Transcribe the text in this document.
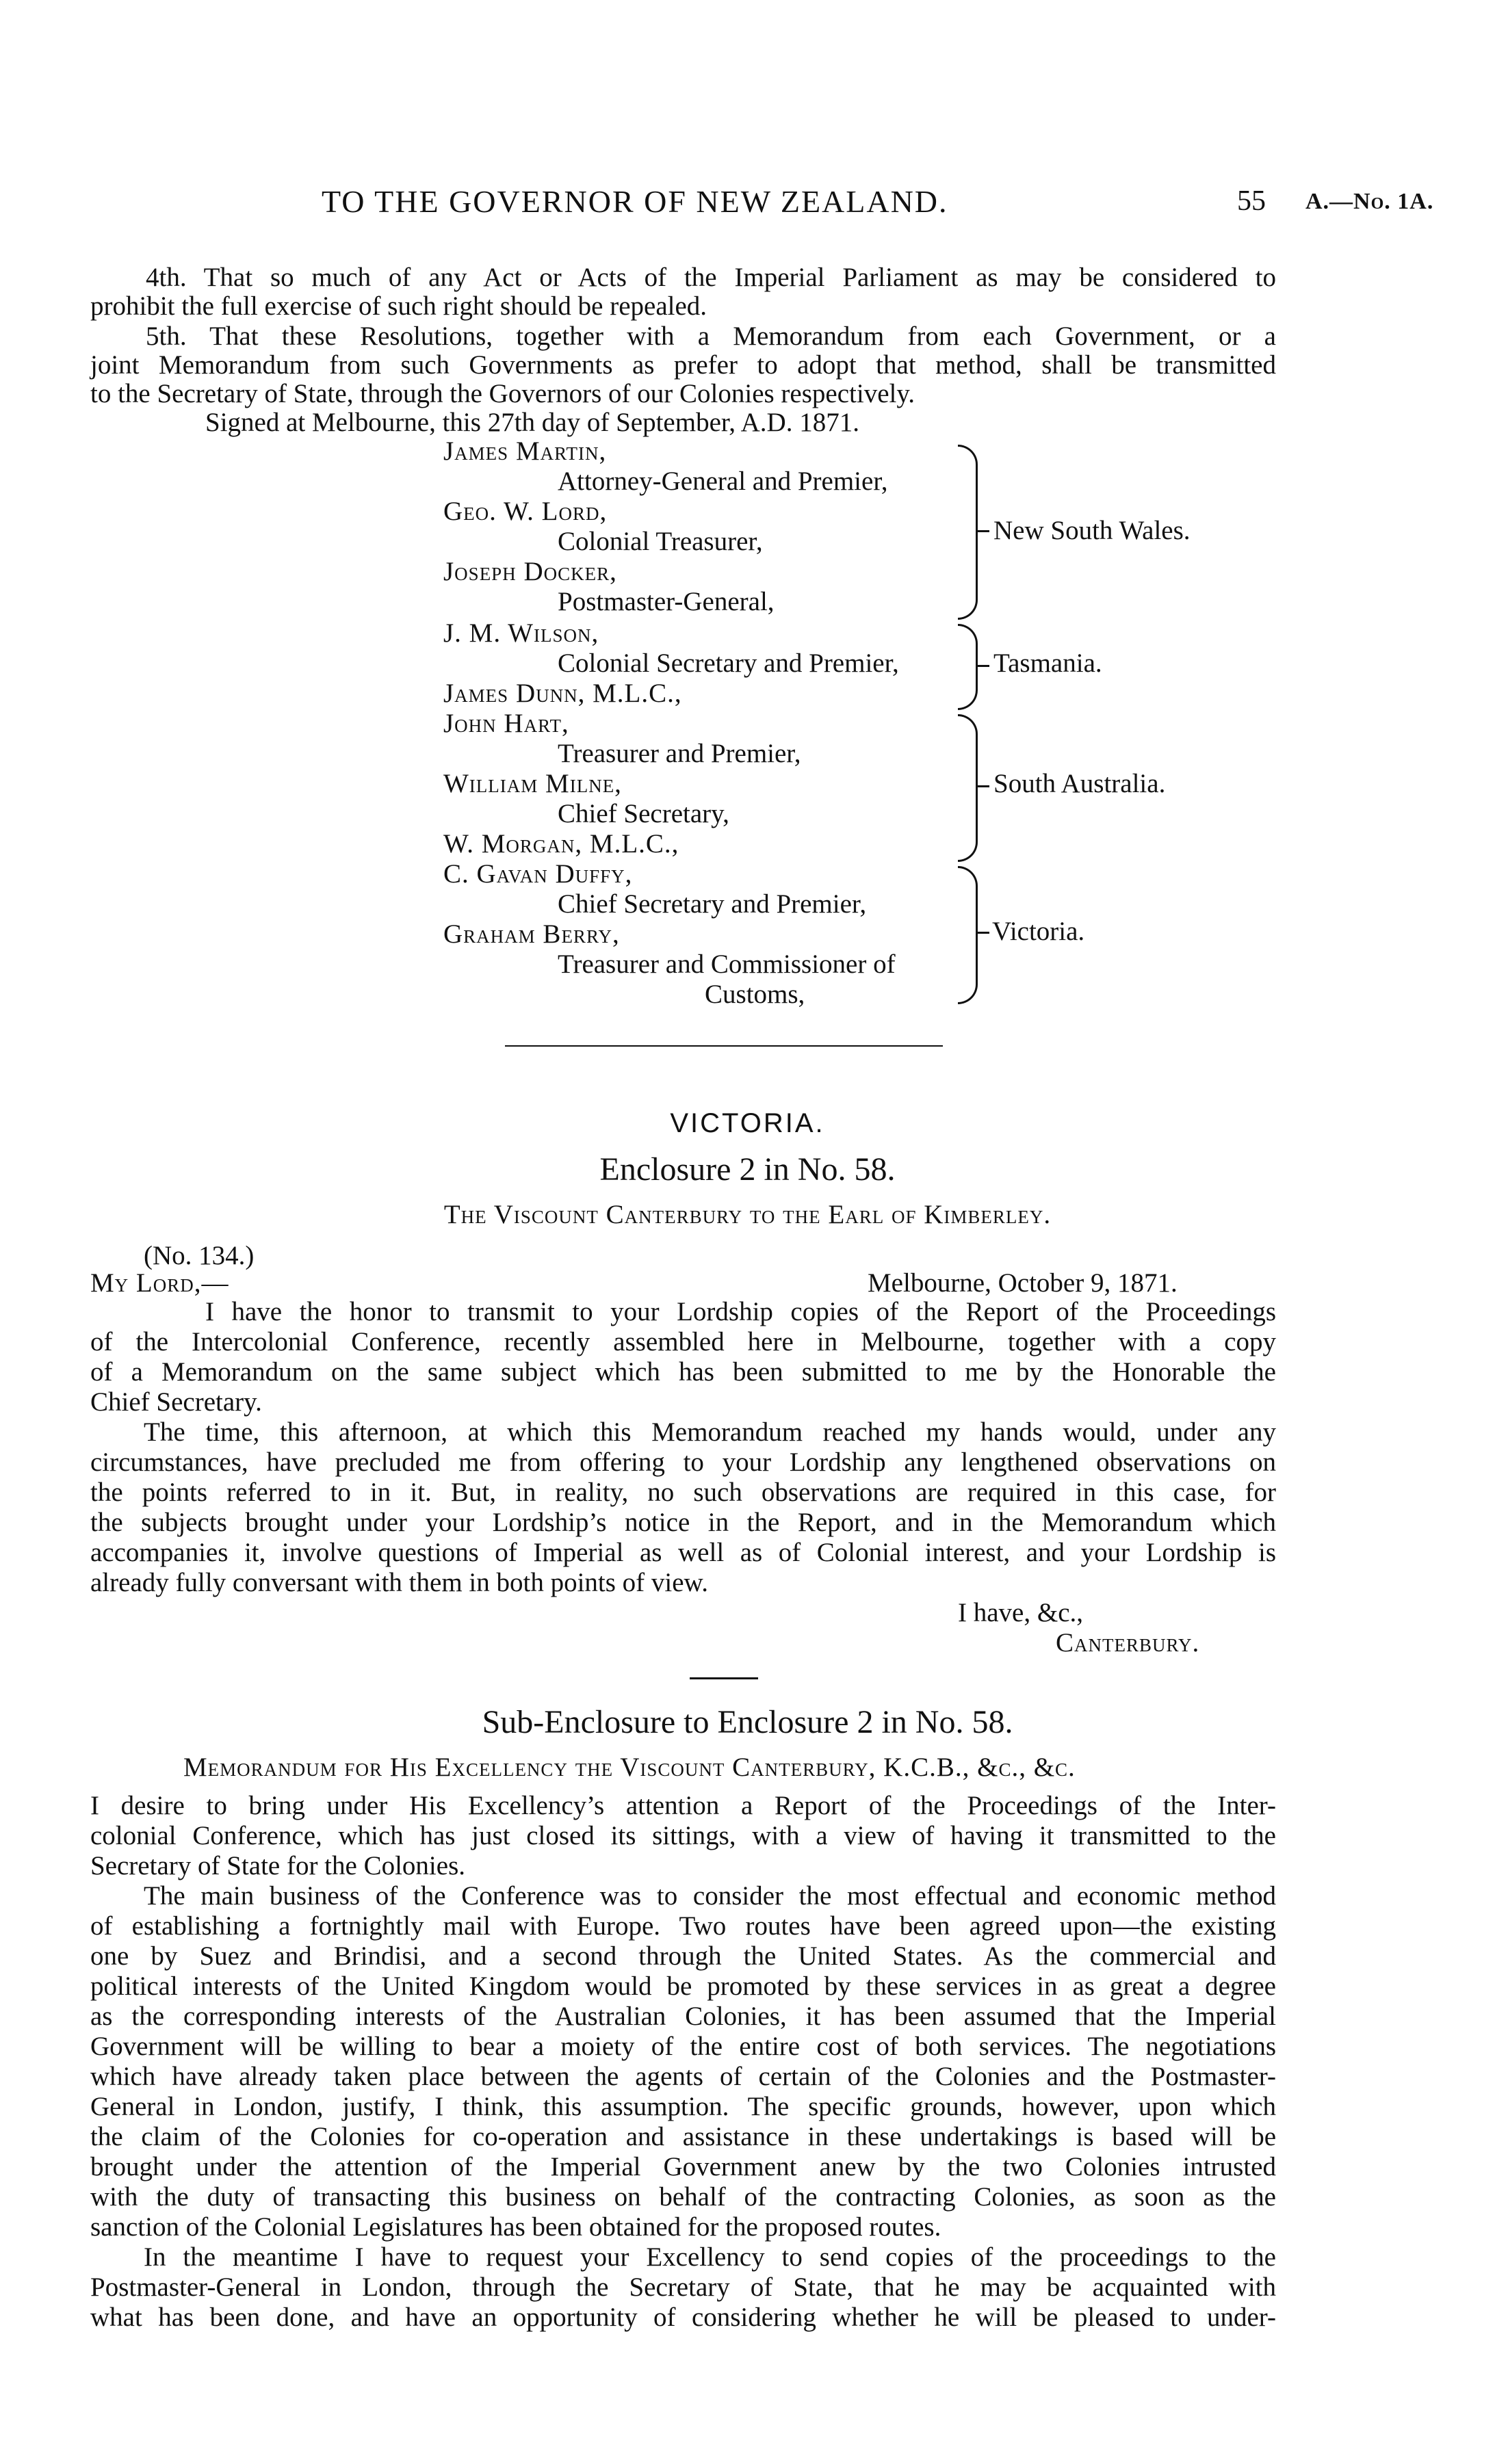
TO THE GOVERNOR OF NEW ZEALAND.	55 A.—No. 1A.
4th. That so much of any Act or Acts of the Imperial Parliament as may be considered to
prohibit the full exercise of such right should be repealed.
5th. That these Resolutions, together with a Memorandum from each Government, or a
joint Memorandum from such Governments as prefer to adopt that method, shall be transmitted
to the Secretary of State, through the Governors of our Colonies respectively.
Signed at Melbourne, this 27th day of September, A.D. 1871.
James Martin,
Attorney-General and Premier,
Geo. W. Lord,
Colonial Treasurer,
Joseph Docker,
Postmaster-General,
New South Wales.
J. M. Wilson,
Colonial Secretary and Premier,
James Dunn, M.L.C.,
Tasmania.
John Hart,
Treasurer and Premier,
William Milne,
Chief Secretary,
W. Morgan, M.L.C.,
South Australia.
C. Gavan Duffy,
Chief Secretary and Premier,
Graham Berry,
Treasurer and Commissioner of
Customs,
Victoria.
VICTORIA.
Enclosure 2 in No. 58.
The Viscount Canterbury to the Earl of Kimberley.
(No. 134.)
My Lord,—	Melbourne, October 9, 1871.
I have the honor to transmit to your Lordship copies of the Report of the Proceedings
of the Intercolonial Conference, recently assembled here in Melbourne, together with a copy
of a Memorandum on the same subject which has been submitted to me by the Honorable the
Chief Secretary.
The time, this afternoon, at which this Memorandum reached my hands would, under any
circumstances, have precluded me from offering to your Lordship any lengthened observations on
the points referred to in it. But, in reality, no such observations are required in this case, for
the subjects brought under your Lordship’s notice in the Report, and in the Memorandum which
accompanies it, involve questions of Imperial as well as of Colonial interest, and your Lordship is
already fully conversant with them in both points of view.
I have, &c.,
Canterbury.
Sub-Enclosure to Enclosure 2 in No. 58.
Memorandum for His Excellency the Viscount Canterbury, K.C.B., &c., &c.
I desire to bring under His Excellency’s attention a Report of the Proceedings of the Inter-
colonial Conference, which has just closed its sittings, with a view of having it transmitted to the
Secretary of State for the Colonies.
The main business of the Conference was to consider the most effectual and economic method
of establishing a fortnightly mail with Europe. Two routes have been agreed upon—the existing
one by Suez and Brindisi, and a second through the United States. As the commercial and
political interests of the United Kingdom would be promoted by these services in as great a degree
as the corresponding interests of the Australian Colonies, it has been assumed that the Imperial
Government will be willing to bear a moiety of the entire cost of both services. The negotiations
which have already taken place between the agents of certain of the Colonies and the Postmaster-
General in London, justify, I think, this assumption. The specific grounds, however, upon which
the claim of the Colonies for co-operation and assistance in these undertakings is based will be
brought under the attention of the Imperial Government anew by the two Colonies intrusted
with the duty of transacting this business on behalf of the contracting Colonies, as soon as the
sanction of the Colonial Legislatures has been obtained for the proposed routes.
In the meantime I have to request your Excellency to send copies of the proceedings to the
Postmaster-General in London, through the Secretary of State, that he may be acquainted with
what has been done, and have an opportunity of considering whether he will be pleased to under-
